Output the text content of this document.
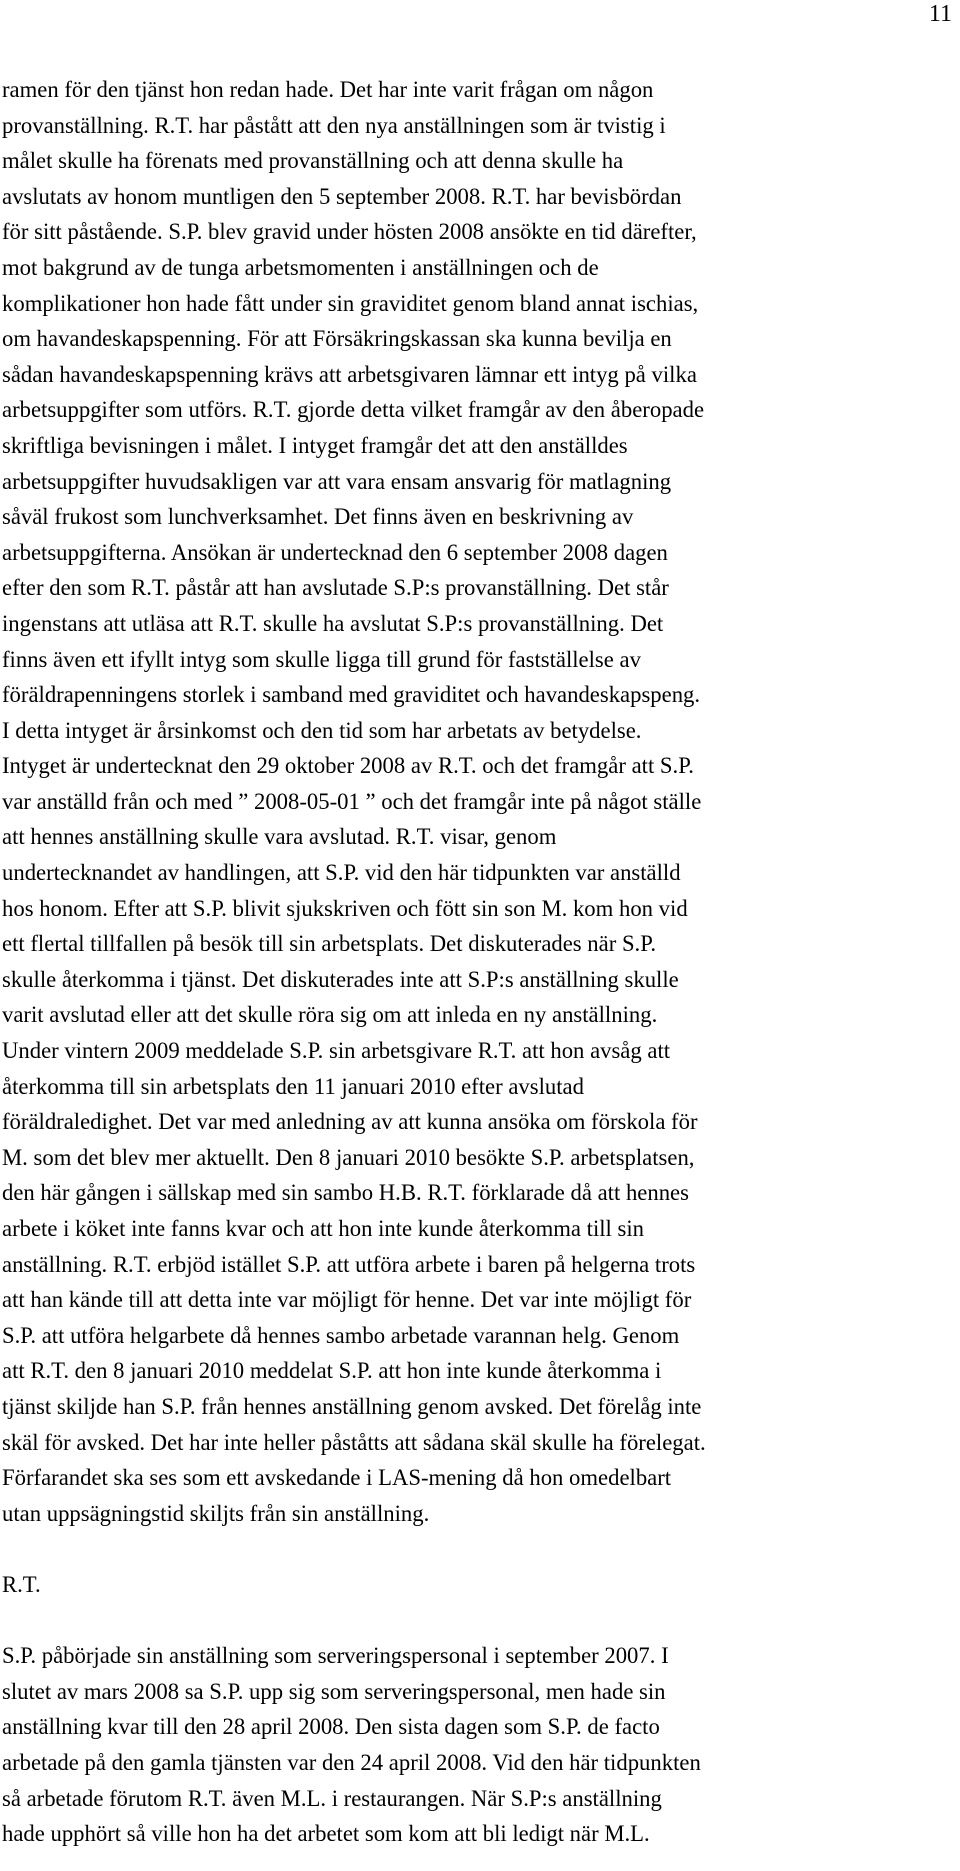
11
ramen för den tjänst hon redan hade. Det har inte varit frågan om någon
provanställning. R.T. har påstått att den nya anställningen som är tvistig i
målet skulle ha förenats med provanställning och att denna skulle ha
avslutats av honom muntligen den 5 september 2008. R.T. har bevisbördan
för sitt påstående. S.P. blev gravid under hösten 2008 ansökte en tid därefter,
mot bakgrund av de tunga arbetsmomenten i anställningen och de
komplikationer hon hade fått under sin graviditet genom bland annat ischias,
om havandeskapspenning. För att Försäkringskassan ska kunna bevilja en
sådan havandeskapspenning krävs att arbetsgivaren lämnar ett intyg på vilka
arbetsuppgifter som utförs. R.T. gjorde detta vilket framgår av den åberopade
skriftliga bevisningen i målet. I intyget framgår det att den anställdes
arbetsuppgifter huvudsakligen var att vara ensam ansvarig för matlagning
såväl frukost som lunchverksamhet. Det finns även en beskrivning av
arbetsuppgifterna. Ansökan är undertecknad den 6 september 2008 dagen
efter den som R.T. påstår att han avslutade S.P:s provanställning. Det står
ingenstans att utläsa att R.T. skulle ha avslutat S.P:s provanställning. Det
finns även ett ifyllt intyg som skulle ligga till grund för fastställelse av
föräldrapenningens storlek i samband med graviditet och havandeskapspeng.
I detta intyget är årsinkomst och den tid som har arbetats av betydelse.
Intyget är undertecknat den 29 oktober 2008 av R.T. och det framgår att S.P.
var anställd från och med ” 2008-05-01 ” och det framgår inte på något ställe
att hennes anställning skulle vara avslutad. R.T. visar, genom
undertecknandet av handlingen, att S.P. vid den här tidpunkten var anställd
hos honom. Efter att S.P. blivit sjukskriven och fött sin son M. kom hon vid
ett flertal tillfallen på besök till sin arbetsplats. Det diskuterades när S.P.
skulle återkomma i tjänst. Det diskuterades inte att S.P:s anställning skulle
varit avslutad eller att det skulle röra sig om att inleda en ny anställning.
Under vintern 2009 meddelade S.P. sin arbetsgivare R.T. att hon avsåg att
återkomma till sin arbetsplats den 11 januari 2010 efter avslutad
föräldraledighet. Det var med anledning av att kunna ansöka om förskola för
M. som det blev mer aktuellt. Den 8 januari 2010 besökte S.P. arbetsplatsen,
den här gången i sällskap med sin sambo H.B. R.T. förklarade då att hennes
arbete i köket inte fanns kvar och att hon inte kunde återkomma till sin
anställning. R.T. erbjöd istället S.P. att utföra arbete i baren på helgerna trots
att han kände till att detta inte var möjligt för henne. Det var inte möjligt för
S.P. att utföra helgarbete då hennes sambo arbetade varannan helg. Genom
att R.T. den 8 januari 2010 meddelat S.P. att hon inte kunde återkomma i
tjänst skiljde han S.P. från hennes anställning genom avsked. Det förelåg inte
skäl för avsked. Det har inte heller påståtts att sådana skäl skulle ha förelegat.
Förfarandet ska ses som ett avskedande i LAS-mening då hon omedelbart
utan uppsägningstid skiljts från sin anställning.
R.T.
S.P. påbörjade sin anställning som serveringspersonal i september 2007. I
slutet av mars 2008 sa S.P. upp sig som serveringspersonal, men hade sin
anställning kvar till den 28 april 2008. Den sista dagen som S.P. de facto
arbetade på den gamla tjänsten var den 24 april 2008. Vid den här tidpunkten
så arbetade förutom R.T. även M.L. i restaurangen. När S.P:s anställning
hade upphört så ville hon ha det arbetet som kom att bli ledigt när M.L.
